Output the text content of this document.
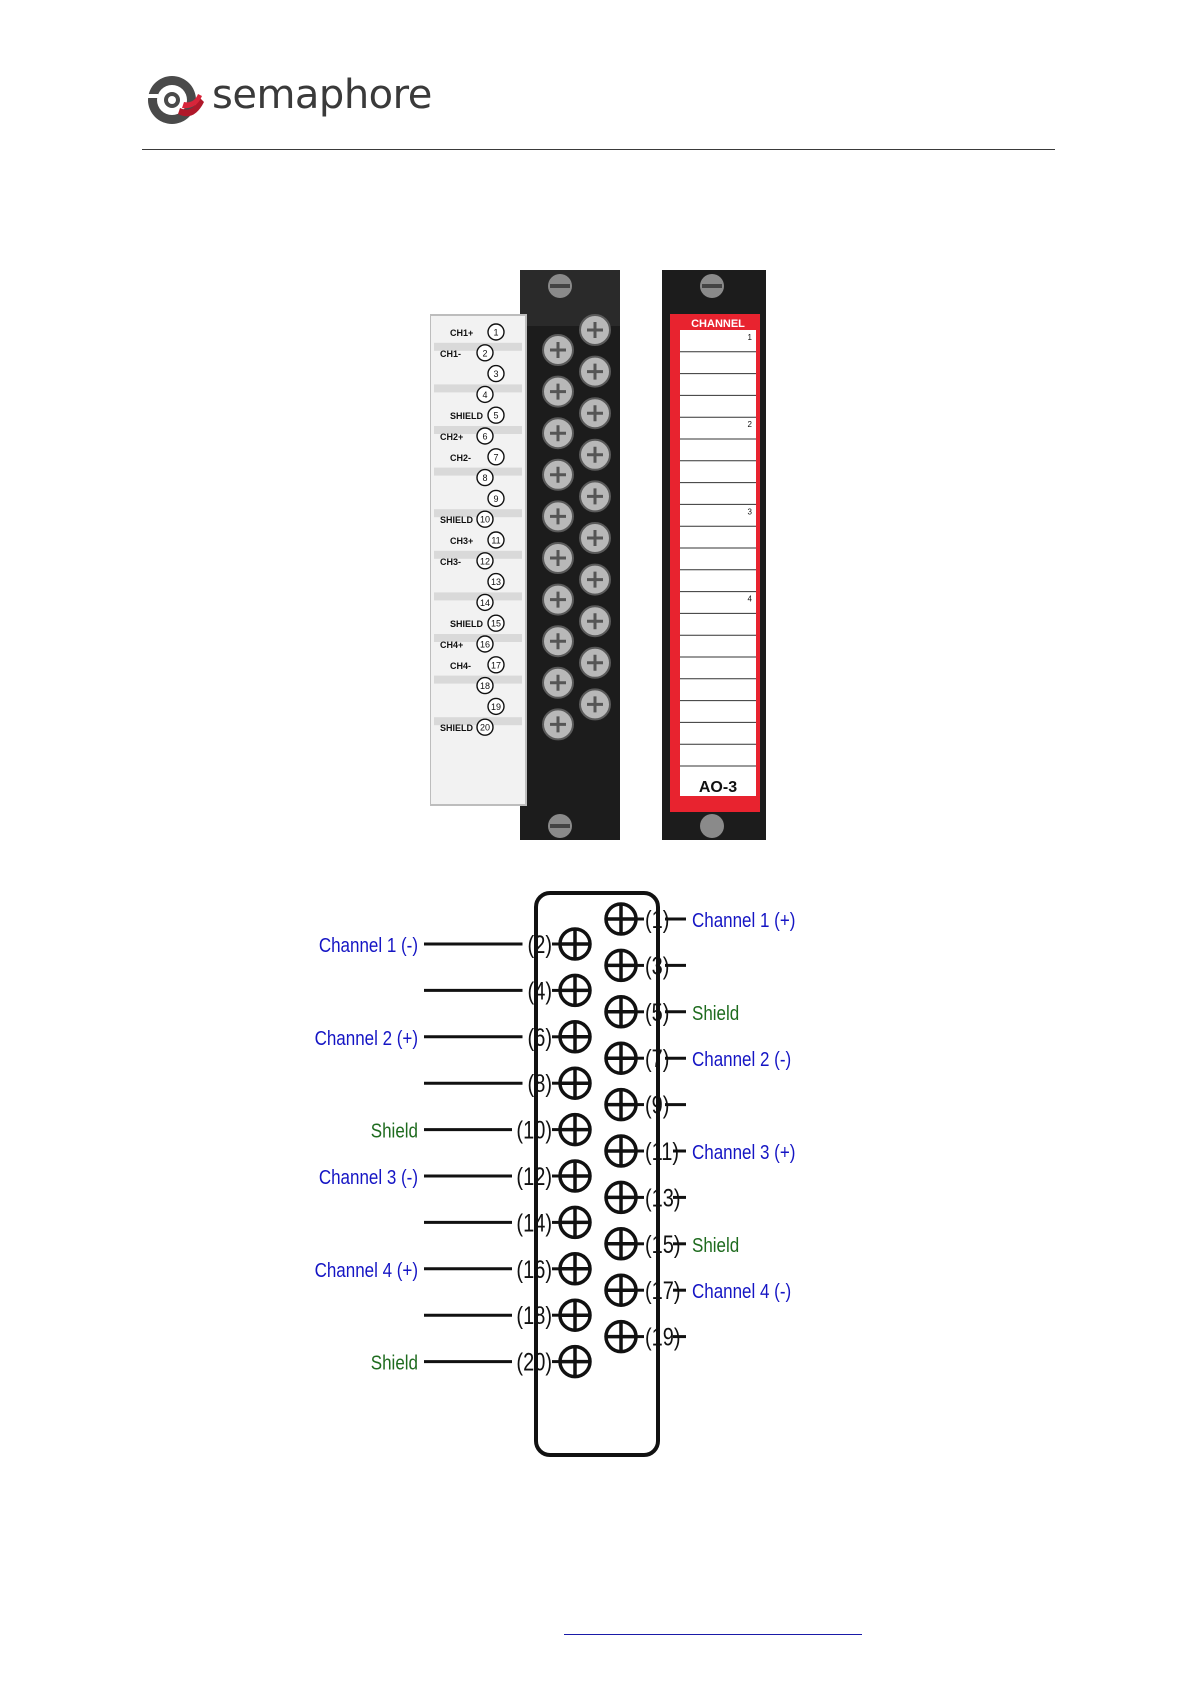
semaphore
CH1+ 1
CH1- 2
3
4
SHIELD 5
CH2+ 6
CH2- 7
8
9
SHIELD 10
CH3+ 11
CH3- 12
13
14
SHIELD 15
CH4+ 16
CH4- 17
18
19
SHIELD 20
CHANNEL
1
2
3
4
AO-3
(1) Channel 1 (+)
(3)
(5) Shield
(7) Channel 2 (-)
(9)
(11) Channel 3 (+)
(13)
(15) Shield
(17) Channel 4 (-)
(19)
(2)
Channel 1 (-)
(4)
(6)
Channel 2 (+)
(8)
(10)
Shield
(12)
Channel 3 (-)
(14)
(16)
Channel 4 (+)
(18)
(20)
Shield
